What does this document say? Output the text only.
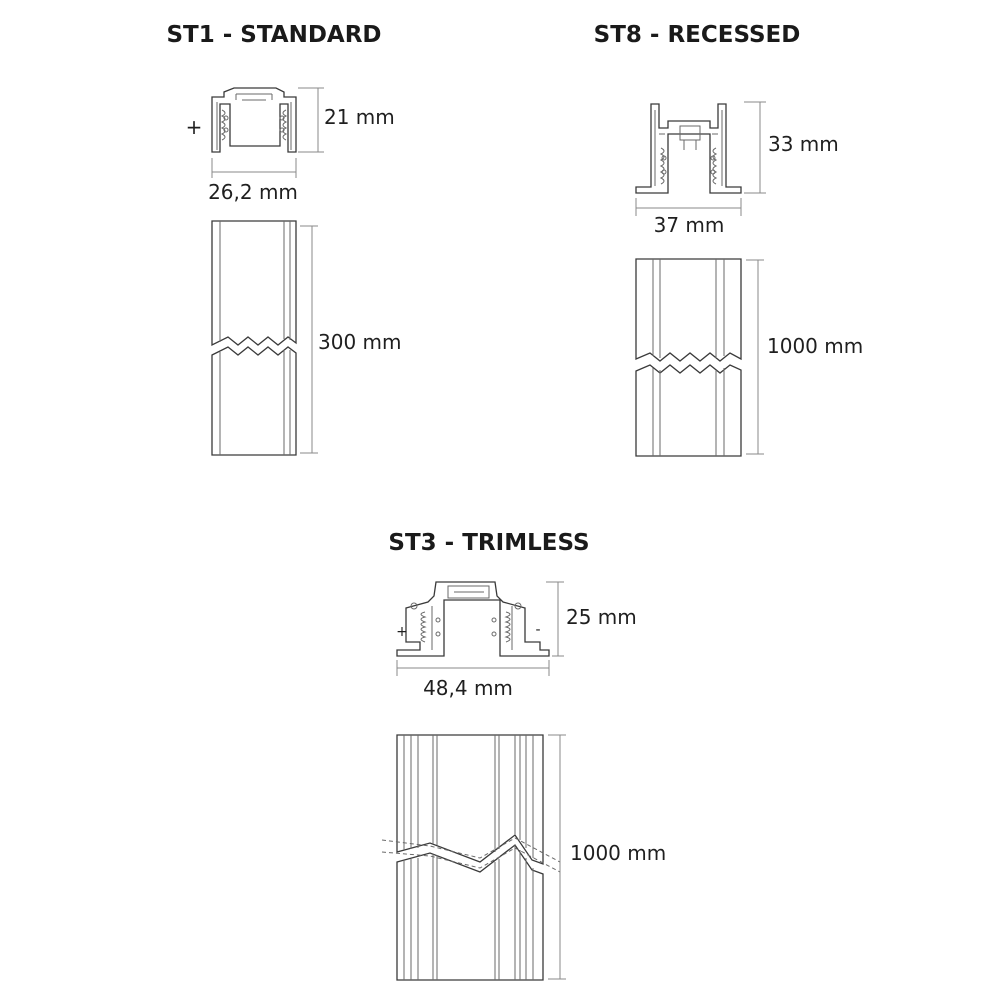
ST1 - STANDARD
+	21 mm
26,2 mm
300 mm
ST8 - RECESSED
33 mm
37 mm
1000 mm
ST3 - TRIMLESS
+	-
25 mm
48,4 mm
1000 mm
